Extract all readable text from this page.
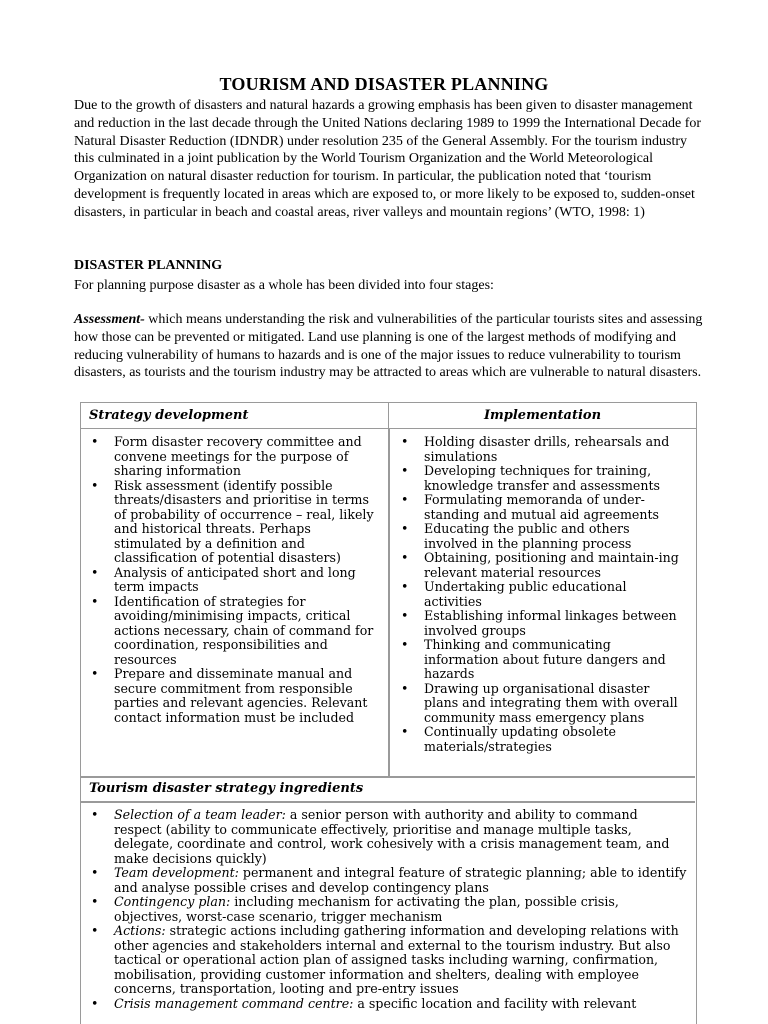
TOURISM AND DISASTER PLANNING
Due to the growth of disasters and natural hazards a growing emphasis has been given to disaster management and reduction in the last decade through the United Nations declaring 1989 to 1999 the International Decade for Natural Disaster Reduction (IDNDR) under resolution 235 of the General Assembly. For the tourism industry this culminated in a joint publication by the World Tourism Organization and the World Meteorological Organization on natural disaster reduction for tourism. In particular, the publication noted that ‘tourism development is frequently located in areas which are exposed to, or more likely to be exposed to, sudden-onset disasters, in particular in beach and coastal areas, river valleys and mountain regions’ (WTO, 1998: 1)
DISASTER PLANNING
For planning purpose disaster as a whole has been divided into four stages:
Assessment- which means understanding the risk and vulnerabilities of the particular tourists sites and assessing how those can be prevented or mitigated. Land use planning is one of the largest methods of modifying and reducing vulnerability of humans to hazards and is one of the major issues to reduce vulnerability to tourism disasters, as tourists and the tourism industry may be attracted to areas which are vulnerable to natural disasters.
Strategy development	Implementation
• Form disaster recovery committee and convene meetings for the purpose of sharing information
• Risk assessment (identify possible threats/disasters and prioritise in terms of probability of occurrence – real, likely and historical threats. Perhaps stimulated by a definition and classification of potential disasters)
• Analysis of anticipated short and long term impacts
• Identification of strategies for avoiding/minimising impacts, critical actions necessary, chain of command for coordination, responsibilities and resources
• Prepare and disseminate manual and secure commitment from responsible parties and relevant agencies. Relevant contact information must be included
• Holding disaster drills, rehearsals and simulations
• Developing techniques for training, knowledge transfer and assessments
• Formulating memoranda of under-standing and mutual aid agreements
• Educating the public and others involved in the planning process
• Obtaining, positioning and maintain-ing relevant material resources
• Undertaking public educational activities
• Establishing informal linkages between involved groups
• Thinking and communicating information about future dangers and hazards
• Drawing up organisational disaster plans and integrating them with overall community mass emergency plans
• Continually updating obsolete materials/strategies
Tourism disaster strategy ingredients
• Selection of a team leader: a senior person with authority and ability to command respect (ability to communicate effectively, prioritise and manage multiple tasks, delegate, coordinate and control, work cohesively with a crisis management team, and make decisions quickly)
• Team development: permanent and integral feature of strategic planning; able to identify and analyse possible crises and develop contingency plans
• Contingency plan: including mechanism for activating the plan, possible crisis, objectives, worst-case scenario, trigger mechanism
• Actions: strategic actions including gathering information and developing relations with other agencies and stakeholders internal and external to the tourism industry. But also tactical or operational action plan of assigned tasks including warning, confirmation, mobilisation, providing customer information and shelters, dealing with employee concerns, transportation, looting and pre-entry issues
• Crisis management command centre: a specific location and facility with relevant
